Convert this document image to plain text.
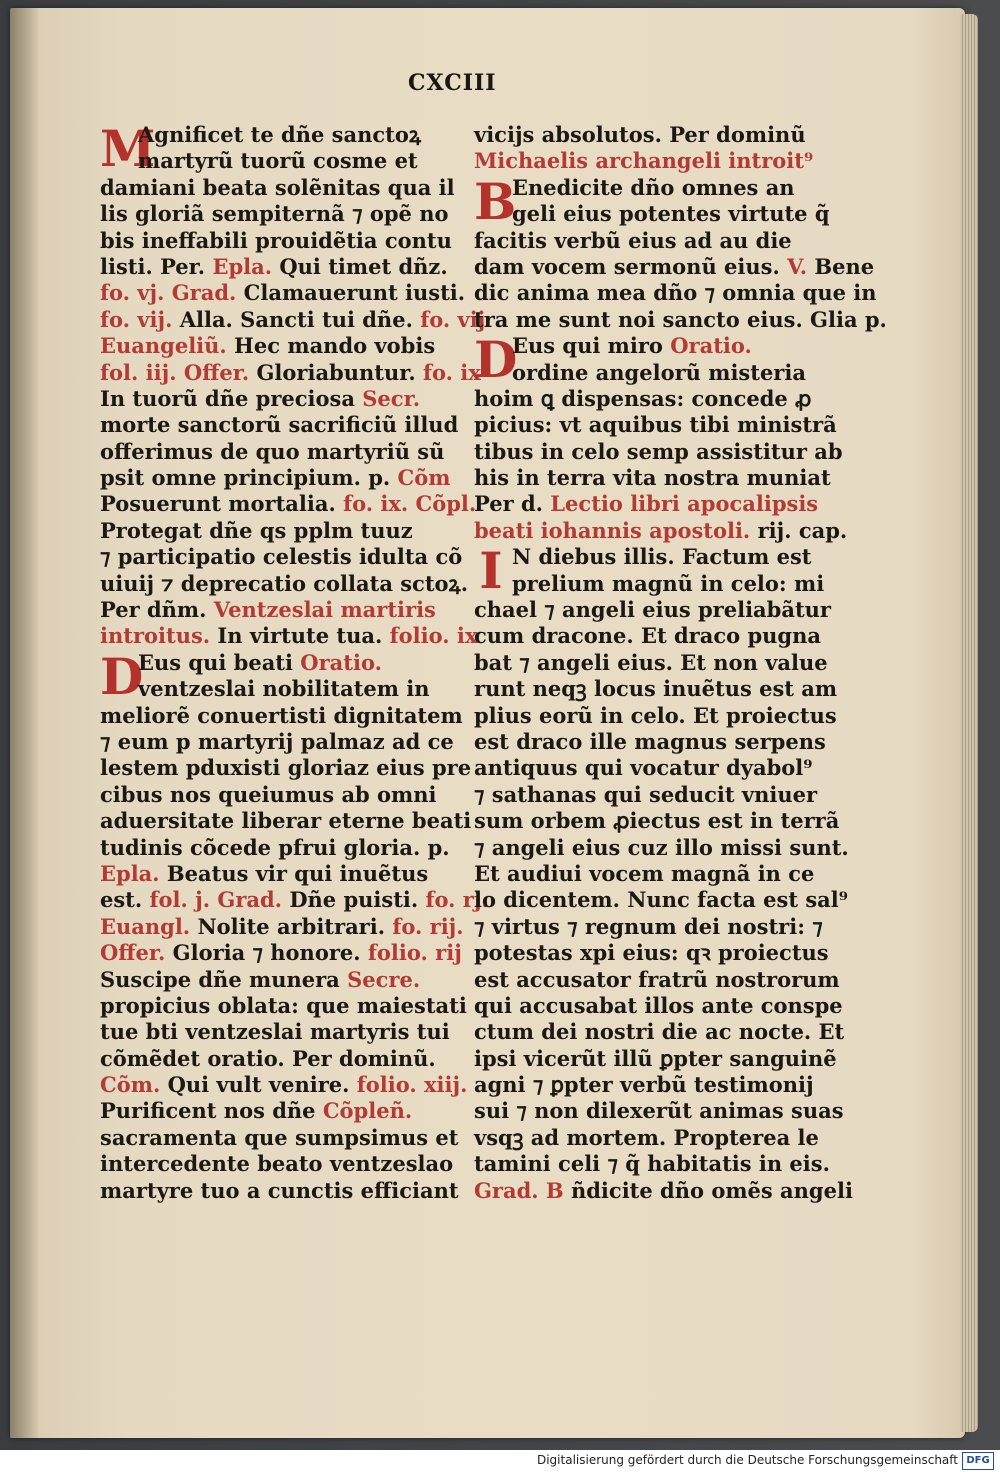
CXCIII
M
Agnificet te dñe sanctoꝝ
martyrũ tuorũ cosme et
damiani beata solẽnitas qua il
lis gloriã sempiternã ⁊ opẽ no
bis ineffabili prouidẽtia contu
listi. Per. Epla. Qui timet dñz.
fo. vj. Grad. Clamauerunt iusti.
fo. vij. Alla. Sancti tui dñe. fo. vij
Euangeliũ. Hec mando vobis
fol. iij. Offer. Gloriabuntur. fo. ix
In tuorũ dñe preciosa Secr.
morte sanctorũ sacrificiũ illud
offerimus de quo martyriũ sũ
psit omne principium. p. Cõm
Posuerunt mortalia. fo. ix. Cõpl.
Protegat dñe qs pplm tuuz
⁊ participatio celestis idulta cõ
uiuij ⁊ deprecatio collata sctoꝝ.
Per dñm. Ventzeslai martiris
introitus. In virtute tua. folio. ix
D
Eus qui beati Oratio.
ventzeslai nobilitatem in
meliorẽ conuertisti dignitatem
⁊ eum p martyrij palmaz ad ce
lestem pduxisti gloriaz eius pre
cibus nos queiumus ab omni
aduersitate liberar eterne beati
tudinis cõcede pfrui gloria. p.
Epla. Beatus vir qui inuẽtus
est. fol. j. Grad. Dñe puisti. fo. rj.
Euangl. Nolite arbitrari. fo. rij.
Offer. Gloria ⁊ honore. folio. rij
Suscipe dñe munera Secre.
propicius oblata: que maiestati
tue bti ventzeslai martyris tui
cõmẽdet oratio. Per dominũ.
Cõm. Qui vult venire. folio. xiij.
Purificent nos dñe Cõpleñ.
sacramenta que sumpsimus et
intercedente beato ventzeslao
martyre tuo a cunctis efficiant
vicijs absolutos. Per dominũ
Michaelis archangeli introit⁹
B
Enedicite dño omnes an
geli eius potentes virtute q̃
facitis verbũ eius ad au die
dam vocem sermonũ eius. V. Bene
dic anima mea dño ⁊ omnia que in
tra me sunt noi sancto eius. Glia p.
D
Eus qui miro Oratio.
ordine angelorũ misteria
hoim ꝗ dispensas: concede ꝓ
picius: vt aquibus tibi ministrã
tibus in celo semp assistitur ab
his in terra vita nostra muniat
Per d. Lectio libri apocalipsis
beati iohannis apostoli. rij. cap.
I N diebus illis. Factum est
prelium magnũ in celo: mi
chael ⁊ angeli eius preliabãtur
cum dracone. Et draco pugna
bat ⁊ angeli eius. Et non value
runt neqꝫ locus inuẽtus est am
plius eorũ in celo. Et proiectus
est draco ille magnus serpens
antiquus qui vocatur dyabol⁹
⁊ sathanas qui seducit vniuer
sum orbem ꝓiectus est in terrã
⁊ angeli eius cuz illo missi sunt.
Et audiui vocem magnã in ce
lo dicentem. Nunc facta est sal⁹
⁊ virtus ⁊ regnum dei nostri: ⁊
potestas xpi eius: qꝛ proiectus
est accusator fratrũ nostrorum
qui accusabat illos ante conspe
ctum dei nostri die ac nocte. Et
ipsi vicerũt illũ ꝑpter sanguinẽ
agni ⁊ ꝑpter verbũ testimonij
sui ⁊ non dilexerũt animas suas
vsqꝫ ad mortem. Propterea le
tamini celi ⁊ q̃ habitatis in eis.
Grad. B ñdicite dño omẽs angeli
Digitalisierung gefördert durch die Deutsche Forschungsgemeinschaft DFG
